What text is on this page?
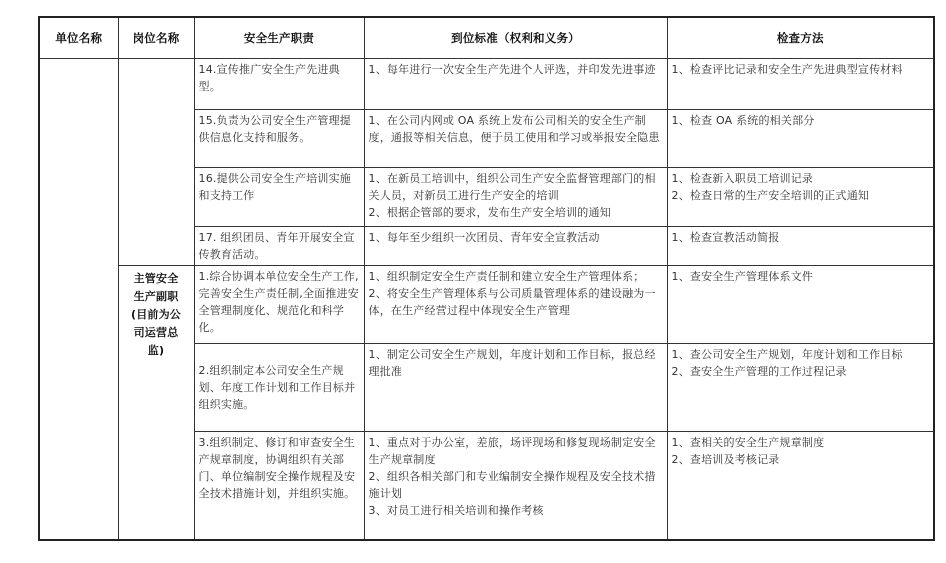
单位名称	岗位名称	安全生产职责	到位标准（权利和义务）	检查方法
		14.宣传推广安全生产先进典型。	1、每年进行一次安全生产先进个人评选，并印发先进事迹	1、检查评比记录和安全生产先进典型宣传材料

		15.负责为公司安全生产管理提供信息化支持和服务。	1、在公司内网或 OA 系统上发布公司相关的安全生产制度，通报等相关信息，便于员工使用和学习或举报安全隐患	1、检查 OA 系统的相关部分

		16.提供公司安全生产培训实施和支持工作	1、在新员工培训中，组织公司生产安全监督管理部门的相关人员，对新员工进行生产安全的培训
2、根据企管部的要求，发布生产安全培训的通知	1、检查新入职员工培训记录
2、检查日常的生产安全培训的正式通知

		17. 组织团员、青年开展安全宣传教育活动。	1、每年至少组织一次团员、青年安全宣教活动	1、检查宣教活动简报

	主管安全
生产副职
(目前为公
司运营总
监)	1.综合协调本单位安全生产工作,完善安全生产责任制,全面推进安全管理制度化、规范化和科学化。	1、组织制定安全生产责任制和建立安全生产管理体系；
2、将安全生产管理体系与公司质量管理体系的建设融为一体，在生产经营过程中体现安全生产管理	1、查安全生产管理体系文件

		2.组织制定本公司安全生产规划、年度工作计划和工作目标并组织实施。	1、制定公司安全生产规划，年度计划和工作目标，报总经理批准	1、查公司安全生产规划，年度计划和工作目标
2、查安全生产管理的工作过程记录

		3.组织制定、修订和审查安全生产规章制度，协调组织有关部门、单位编制安全操作规程及安全技术措施计划，并组织实施。	1、重点对于办公室，差旅，场评现场和修复现场制定安全生产规章制度
2、组织各相关部门和专业编制安全操作规程及安全技术措施计划
3、对员工进行相关培训和操作考核	1、查相关的安全生产规章制度
2、查培训及考核记录
